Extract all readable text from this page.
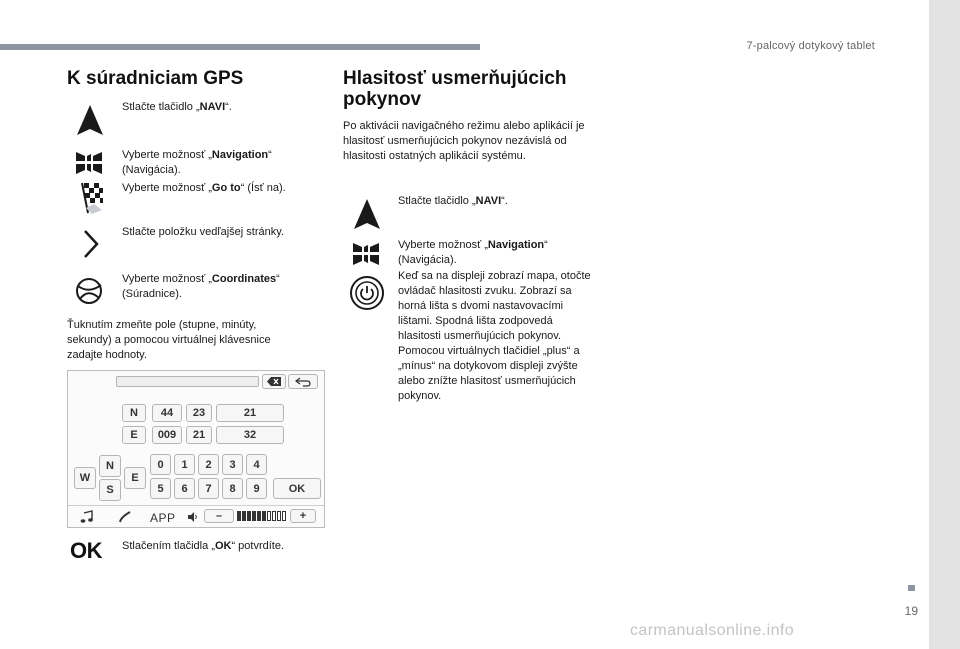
7-palcový dotykový tablet
19
K súradniciam GPS
Stlačte tlačidlo „NAVI“.
Vyberte možnosť „Navigation“ (Navigácia).
Vyberte možnosť „Go to“ (Ísť na).
Stlačte položku vedľajšej stránky.
Vyberte možnosť „Coordinates“ (Súradnice).
Ťuknutím zmeňte pole (stupne, minúty, sekundy) a pomocou virtuálnej klávesnice zadajte hodnoty.
N	44	23	21
E	009	21	32
W
N
E
S
0	1	2	3	4
5	6	7	8	9	OK
APP	–	+
OK Stlačením tlačidla „OK“ potvrdíte.
Hlasitosť usmerňujúcich
pokynov
Po aktivácii navigačného režimu alebo aplikácií je hlasitosť usmerňujúcich pokynov nezávislá od hlasitosti ostatných aplikácií systému.
Stlačte tlačidlo „NAVI“.
Vyberte možnosť „Navigation“ (Navigácia).
Keď sa na displeji zobrazí mapa, otočte ovládač hlasitosti zvuku. Zobrazí sa horná lišta s dvomi nastavovacími lištami. Spodná lišta zodpovedá hlasitosti usmerňujúcich pokynov. Pomocou virtuálnych tlačidiel „plus“ a „mínus“ na dotykovom displeji zvýšte alebo znížte hlasitosť usmerňujúcich pokynov.
carmanualsonline.info
